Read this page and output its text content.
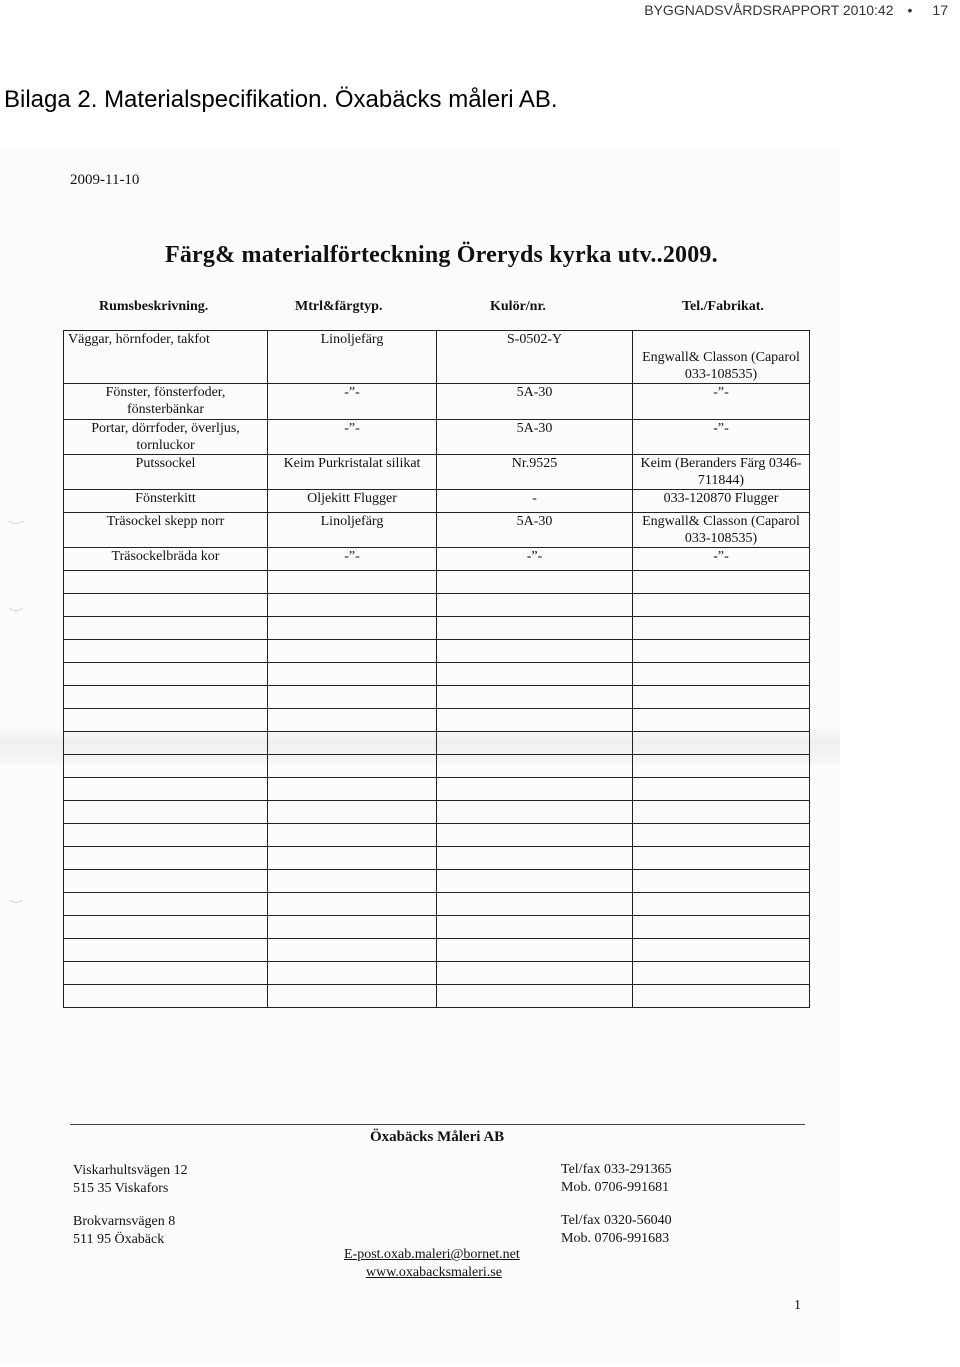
BYGGNADSVÅRDSRAPPORT 2010:42 • 17
Bilaga 2. Materialspecifikation. Öxabäcks måleri AB.
2009-11-10
Färg& materialförteckning Öreryds kyrka utv..2009.
Rumsbeskrivning.	Mtrl&färgtyp.	Kulör/nr.	Tel./Fabrikat.
Väggar, hörnfoder, takfot	Linoljefärg	S-0502-Y	Engwall& Classon (Caparol 033-108535)
Fönster, fönsterfoder, fönsterbänkar	-”-	5A-30	-”-
Portar, dörrfoder, överljus, tornluckor	-”-	5A-30	-”-
Putssockel	Keim Purkristalat silikat	Nr.9525	Keim (Beranders Färg 0346-711844)
Fönsterkitt	Oljekitt Flugger	-	033-120870 Flugger
Träsockel skepp norr	Linoljefärg	5A-30	Engwall& Classon (Caparol 033-108535)
Träsockelbräda kor	-”-	-”-	-”-

Öxabäcks Måleri AB
Viskarhultsvägen 12
515 35 Viskafors
Tel/fax 033-291365
Mob. 0706-991681
Brokvarnsvägen 8
511 95 Öxabäck
Tel/fax 0320-56040
Mob. 0706-991683
E-post.oxab.maleri@bornet.net
www.oxabacksmaleri.se
1
